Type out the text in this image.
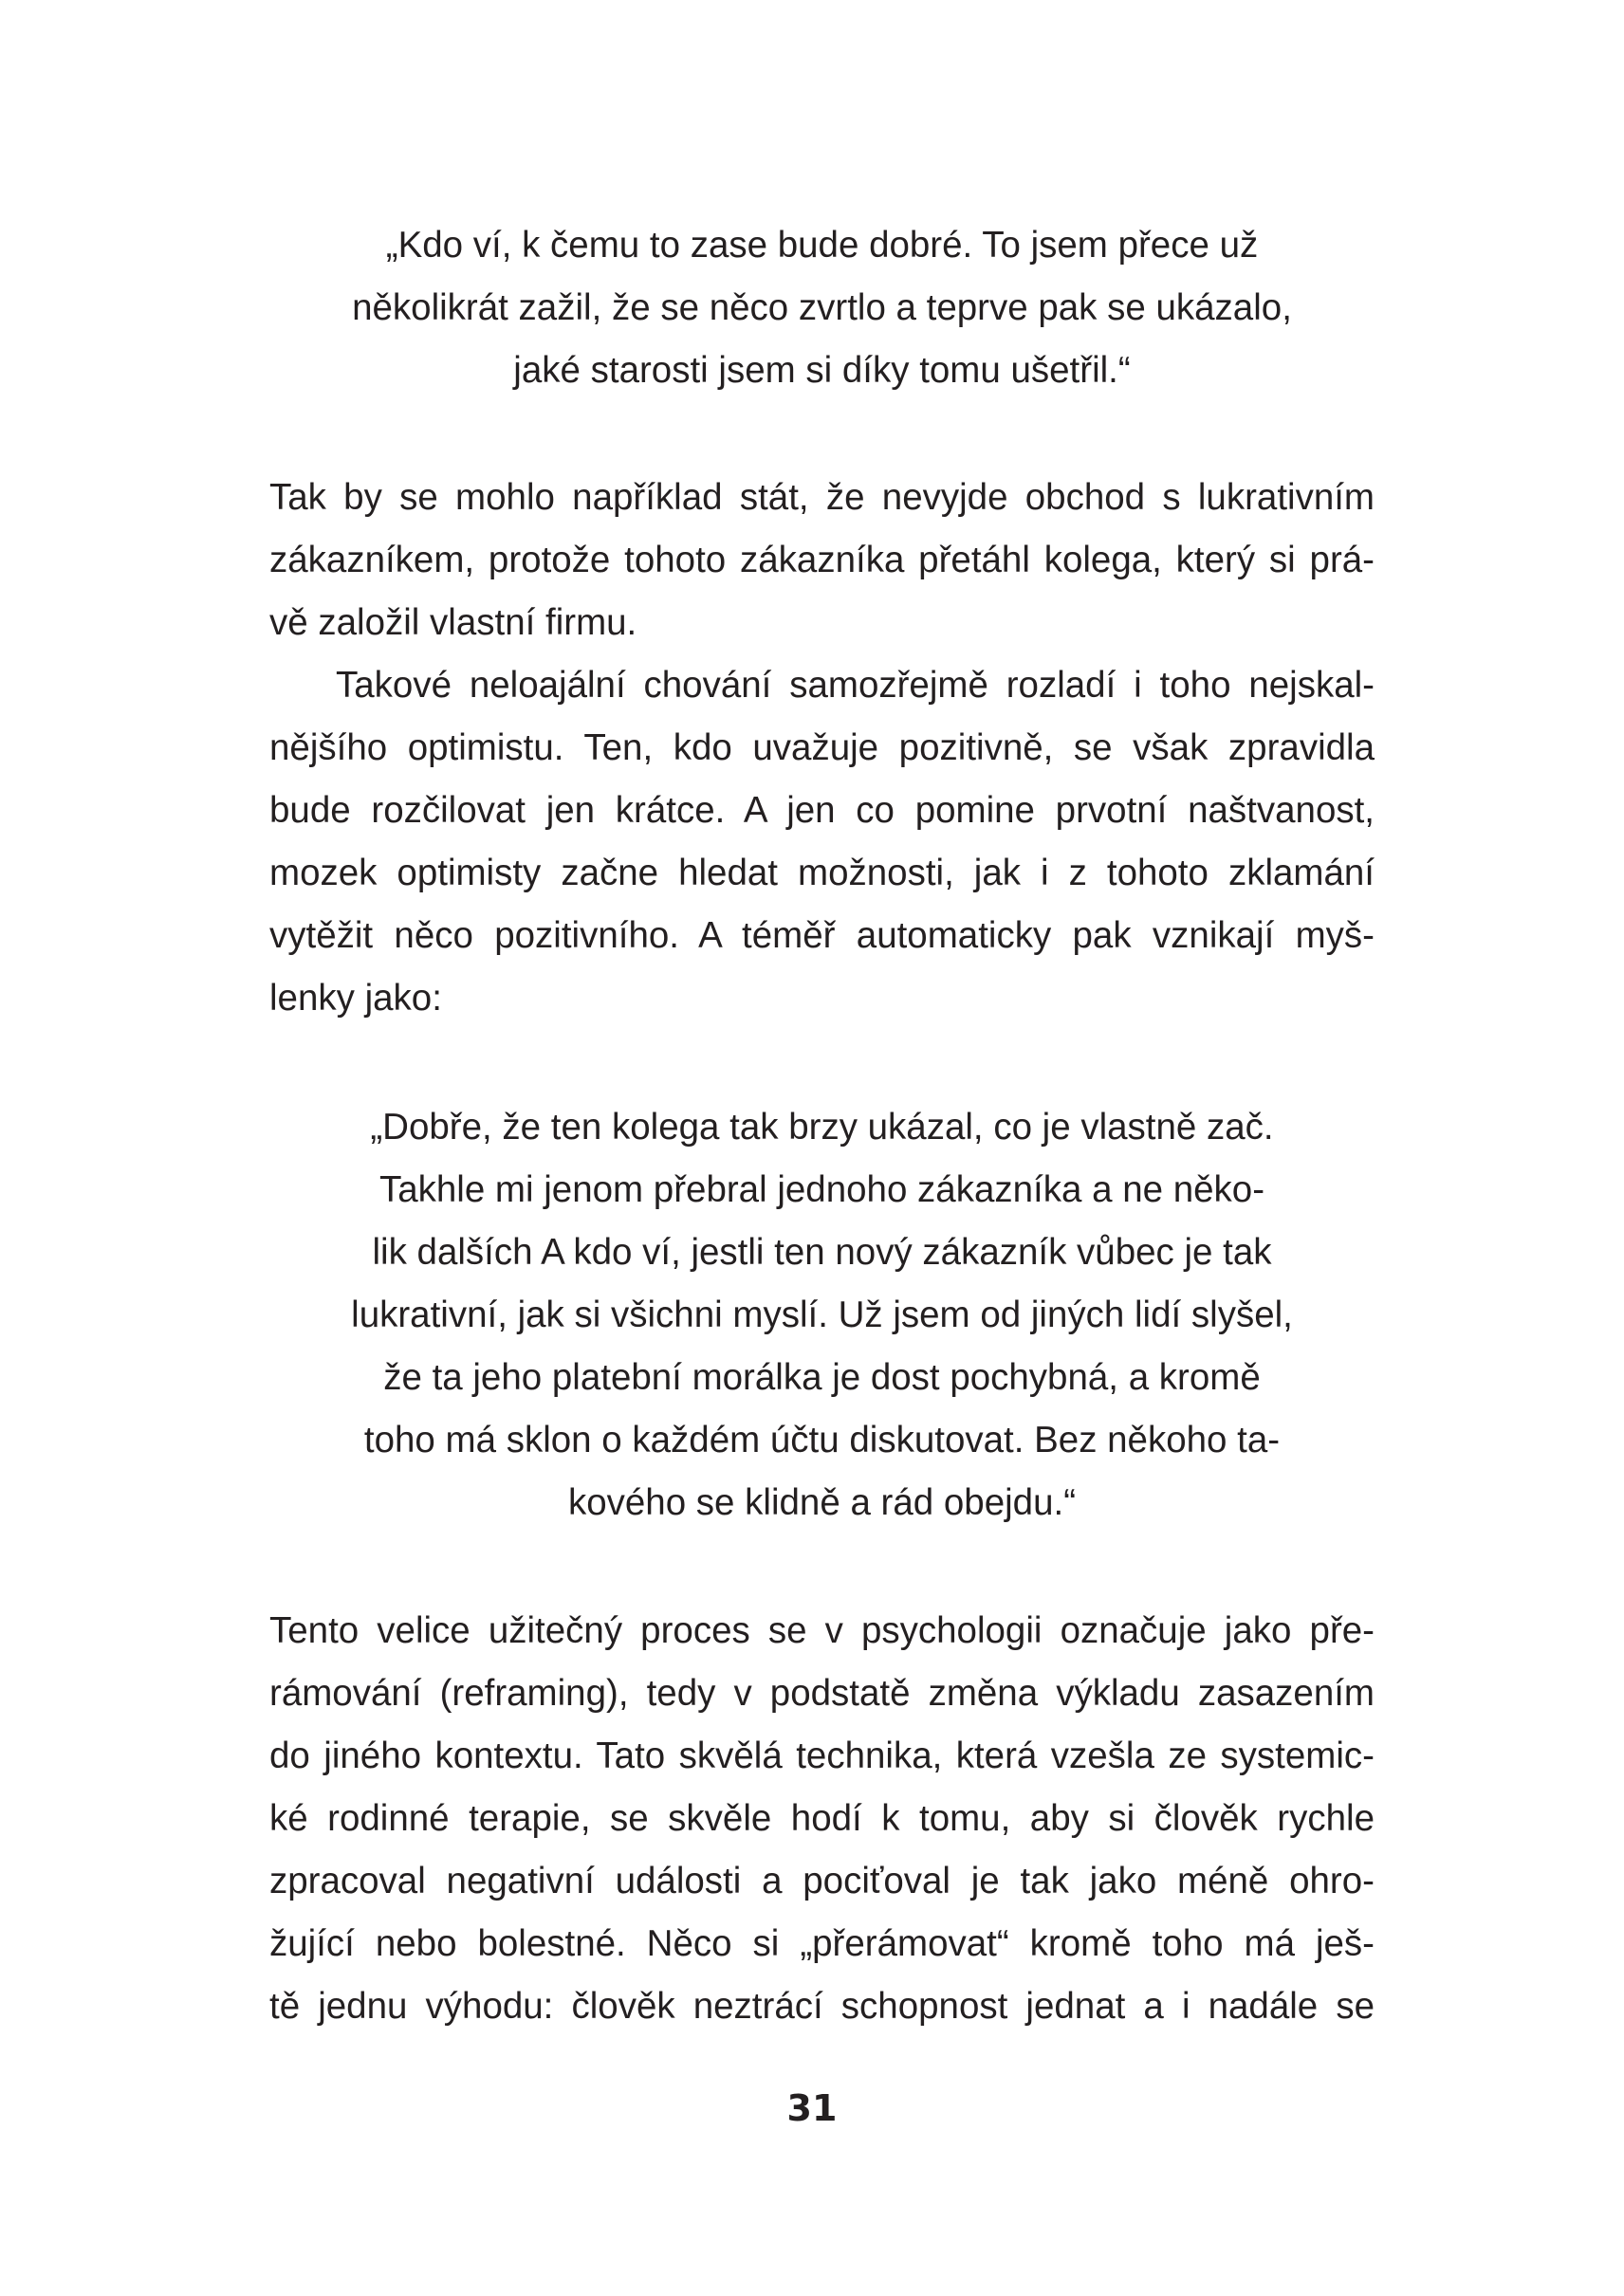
„Kdo ví, k čemu to zase bude dobré. To jsem přece už
několikrát zažil, že se něco zvrtlo a teprve pak se ukázalo,
jaké starosti jsem si díky tomu ušetřil.“
Tak by se mohlo například stát, že nevyjde obchod s lukrativním
zákazníkem, protože tohoto zákazníka přetáhl kolega, který si prá-
vě založil vlastní firmu.
Takové neloajální chování samozřejmě rozladí i toho nejskal-
nějšího optimistu. Ten, kdo uvažuje pozitivně, se však zpravidla
bude rozčilovat jen krátce. A jen co pomine prvotní naštvanost,
mozek optimisty začne hledat možnosti, jak i z tohoto zklamání
vytěžit něco pozitivního. A téměř automaticky pak vznikají myš-
lenky jako:
„Dobře, že ten kolega tak brzy ukázal, co je vlastně zač.
Takhle mi jenom přebral jednoho zákazníka a ne něko-
lik dalších A kdo ví, jestli ten nový zákazník vůbec je tak
lukrativní, jak si všichni myslí. Už jsem od jiných lidí slyšel,
že ta jeho platební morálka je dost pochybná, a kromě
toho má sklon o každém účtu diskutovat. Bez někoho ta-
kového se klidně a rád obejdu.“
Tento velice užitečný proces se v psychologii označuje jako pře-
rámování (reframing), tedy v podstatě změna výkladu zasazením
do jiného kontextu. Tato skvělá technika, která vzešla ze systemic-
ké rodinné terapie, se skvěle hodí k tomu, aby si člověk rychle
zpracoval negativní události a pociťoval je tak jako méně ohro-
žující nebo bolestné. Něco si „přerámovat“ kromě toho má ješ-
tě jednu výhodu: člověk neztrácí schopnost jednat a i nadále se
31
